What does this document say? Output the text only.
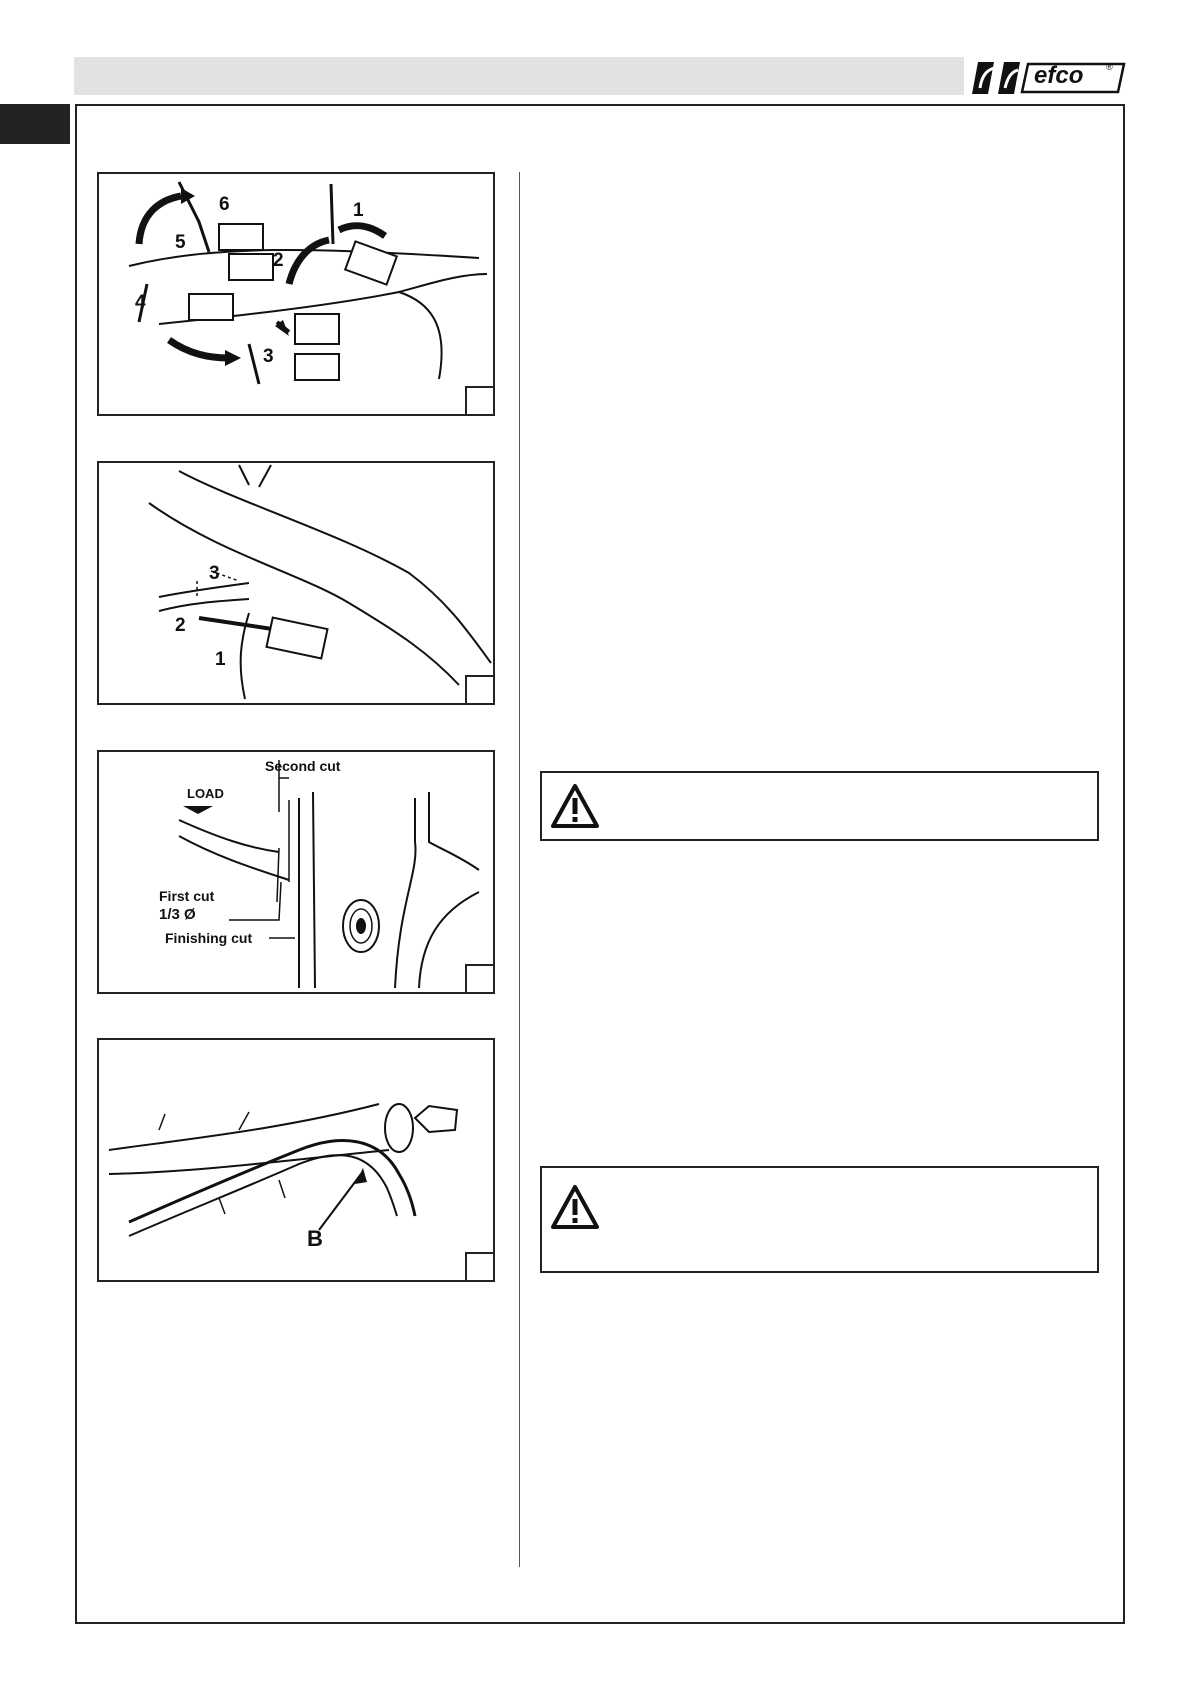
efco	®
1
2
3
4
5
6
1
2
3
LOAD
Second cut
First cut
1/3 Ø
Finishing cut
B
